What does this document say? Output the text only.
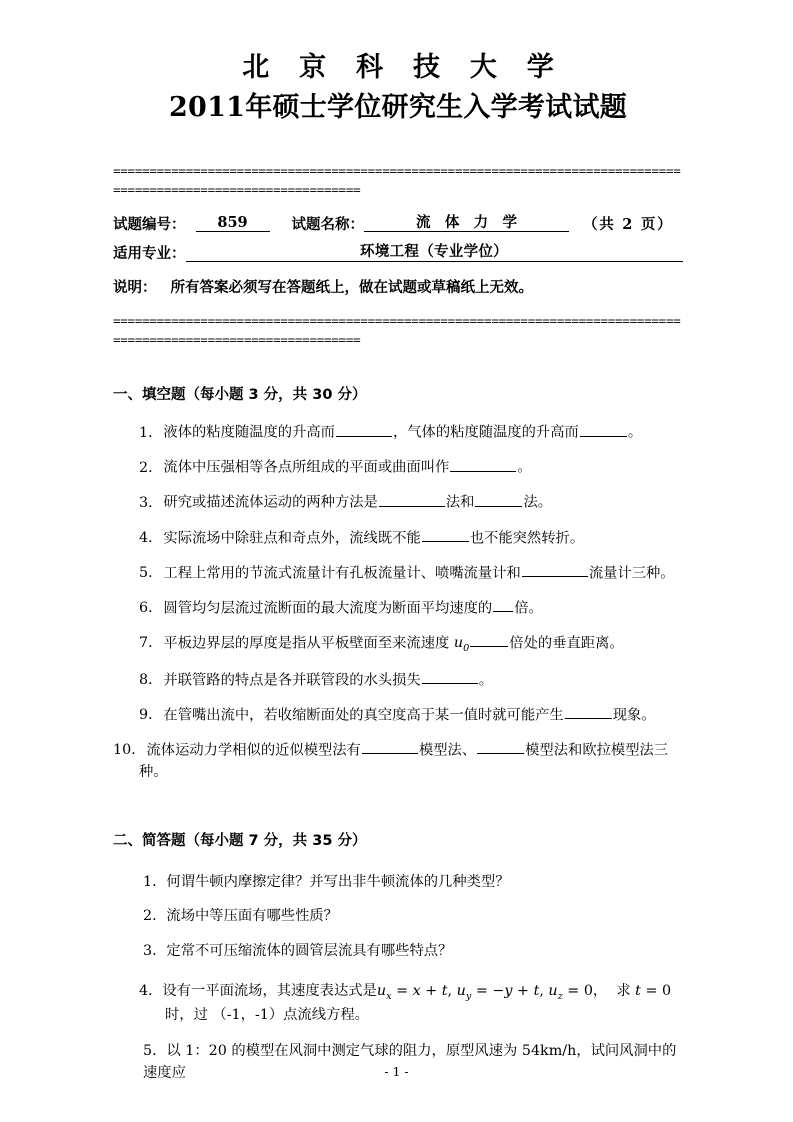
北 京 科 技 大 学
2011年硕士学位研究生入学考试试题
================================================================================================================
试题编号：	859	试题名称：	流 体 力 学	（共 2 页）
适用专业：	环境工程（专业学位）
说明： 所有答案必须写在答题纸上，做在试题或草稿纸上无效。
================================================================================================================
一、填空题（每小题 3 分，共 30 分）
1．液体的粘度随温度的升高而	，气体的粘度随温度的升高而	。
2．流体中压强相等各点所组成的平面或曲面叫作	。
3．研究或描述流体运动的两种方法是	法和	法。
4．实际流场中除驻点和奇点外，流线既不能	也不能突然转折。
5．工程上常用的节流式流量计有孔板流量计、喷嘴流量计和	流量计三种。
6．圆管均匀层流过流断面的最大流度为断面平均速度的 倍。
7．平板边界层的厚度是指从平板壁面至来流速度 $u_0$	倍处的垂直距离。
8．并联管路的特点是各并联管段的水头损失	。
9．在管嘴出流中，若收缩断面处的真空度高于某一值时就可能产生	现象。
10．流体运动力学相似的近似模型法有	模型法、	模型法和欧拉模型法三种。
二、简答题（每小题 7 分，共 35 分）
1．何谓牛顿内摩擦定律？并写出非牛顿流体的几种类型？
2．流场中等压面有哪些性质？
3．定常不可压缩流体的圆管层流具有哪些特点？
4．设有一平面流场，其速度表达式是$u_x = x + t$, $u_y = -y + t$, $u_z = 0$， 求 t = 0时，过 （-1，-1）点流线方程。
5．以 1：20 的模型在风洞中测定气球的阻力，原型风速为 54km/h，试问风洞中的速度应	- 1 -
